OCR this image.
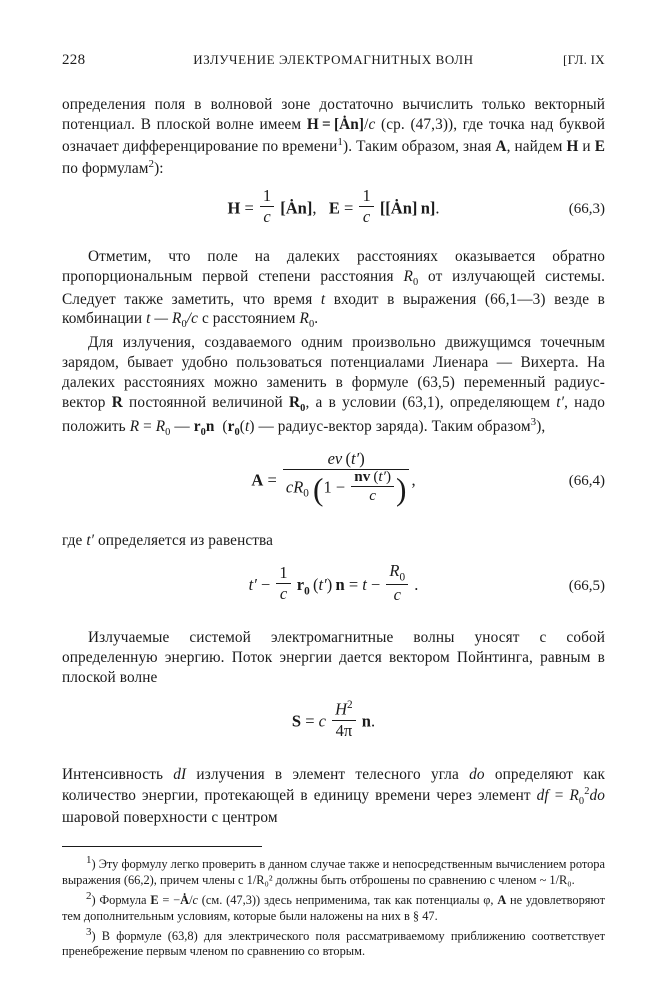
228	ИЗЛУЧЕНИЕ ЭЛЕКТРОМАГНИТНЫХ ВОЛН	[ГЛ. IX

определения поля в волновой зоне достаточно вычислить только векторный потенциал. В плоской волне имеем H = [Ȧn]/c (ср. (47,3)), где точка над буквой означает дифференцирование по времени$^1$). Таким образом, зная A, найдем H и E по формулам$^2$):

$H = \frac{1}{c}$ [Ȧn],   $E = \frac{1}{c}$ [[Ȧn] n].	(66,3)

Отметим, что поле на далеких расстояниях оказывается обратно пропорциональным первой степени расстояния $R_0$ от излучающей системы. Следует также заметить, что время t входит в выражения (66,1—3) везде в комбинации t — $R_0/c$ с расстоянием $R_0$.

Для излучения, создаваемого одним произвольно движущимся точечным зарядом, бывает удобно пользоваться потенциалами Лиенара — Вихерта. На далеких расстояниях можно заменить в формуле (63,5) переменный радиус-вектор R постоянной величиной $R_0$, а в условии (63,1), определяющем t′, надо положить $R = R_0$ — $r_0n$  ($r_0(t)$ — радиус-вектор заряда). Таким образом$^3$),

$A = \frac{ev (t')}{cR_0 (1 - \frac{nv (t')}{c} )}$ ,	(66,4)

где t′ определяется из равенства

$t' - \frac{1}{c} r_0$ (t′) $n = t - \frac{R_0}{c}$ .	(66,5)

Излучаемые системой электромагнитные волны уносят с собой определенную энергию. Поток энергии дается вектором Пойнтинга, равным в плоской волне

S = c $\frac{H^2}{4\pi} n$.

Интенсивность dI излучения в элемент телесного угла do определяют как количество энергии, протекающей в единицу времени через элемент df = $R_0^2do$ шаровой поверхности с центром

1) Эту формулу легко проверить в данном случае также и непосредственным вычислением ротора выражения (66,2), причем члены с 1/R₀² должны быть отброшены по сравнению с членом ~ 1/R₀.

2) Формула E = −Ȧ/c (см. (47,3)) здесь неприменима, так как потенциалы φ, A не удовлетворяют тем дополнительным условиям, которые были наложены на них в § 47.

3) В формуле (63,8) для электрического поля рассматриваемому приближению соответствует пренебрежение первым членом по сравнению со вторым.
